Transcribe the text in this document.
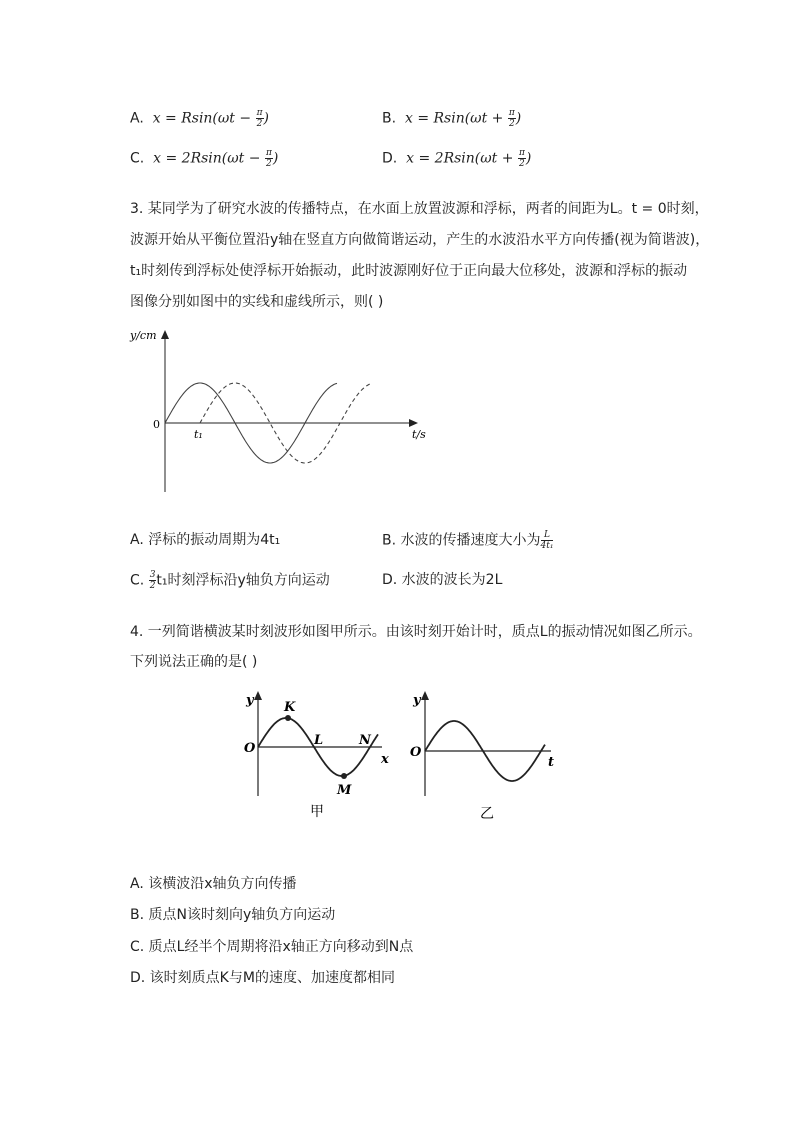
A. $x = Rsin(\omega t - \frac{\pi}{2}$ )	B. $x = Rsin(\omega t + \frac{\pi}{2}$ )
C. $x = 2Rsin(\omega t - \frac{\pi}{2}$ )	D. $x = 2Rsin(\omega t + \frac{\pi}{2}$ )
3. 某同学为了研究水波的传播特点，在水面上放置波源和浮标，两者的间距为L。t = 0时刻，
波源开始从平衡位置沿y轴在竖直方向做简谐运动，产生的水波沿水平方向传播(视为简谐波)，
t₁时刻传到浮标处使浮标开始振动，此时波源刚好位于正向最大位移处，波源和浮标的振动
图像分别如图中的实线和虚线所示，则( )
y/cm
t/s
0
t₁
A. 浮标的振动周期为4t₁	B. 水波的传播速度大小为 $\frac{L}{\text{4t₁}}$
C. $\frac{3}{2} t_1$时刻浮标沿y轴负方向运动	D. 水波的波长为2L
4. 一列简谐横波某时刻波形如图甲所示。由该时刻开始计时，质点L的振动情况如图乙所示。
下列说法正确的是( )
y
x
O
K
L
M
N
甲
y
t
O
乙
A. 该横波沿x轴负方向传播
B. 质点N该时刻向y轴负方向运动
C. 质点L经半个周期将沿x轴正方向移动到N点
D. 该时刻质点K与M的速度、加速度都相同
